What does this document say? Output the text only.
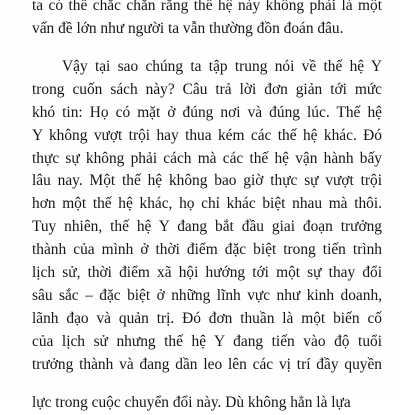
ta có thể chắc chắn rằng thế hệ này không phải là một
vấn đề lớn như người ta vẫn thường đồn đoán đâu.
Vậy tại sao chúng ta tập trung nói về thế hệ Y
trong cuốn sách này? Câu trả lời đơn giản tới mức
khó tin: Họ có mặt ở đúng nơi và đúng lúc. Thế hệ
Y không vượt trội hay thua kém các thế hệ khác. Đó
thực sự không phải cách mà các thế hệ vận hành bấy
lâu nay. Một thế hệ không bao giờ thực sự vượt trội
hơn một thế hệ khác, họ chỉ khác biệt nhau mà thôi.
Tuy nhiên, thế hệ Y đang bắt đầu giai đoạn trưởng
thành của mình ở thời điểm đặc biệt trong tiến trình
lịch sử, thời điểm xã hội hướng tới một sự thay đổi
sâu sắc – đặc biệt ở những lĩnh vực như kinh doanh,
lãnh đạo và quản trị. Đó đơn thuần là một biến cố
của lịch sử nhưng thế hệ Y đang tiến vào độ tuổi
trưởng thành và đang dần leo lên các vị trí đầy quyền
lực trong cuộc chuyển đổi này. Dù không hẳn là lựa
